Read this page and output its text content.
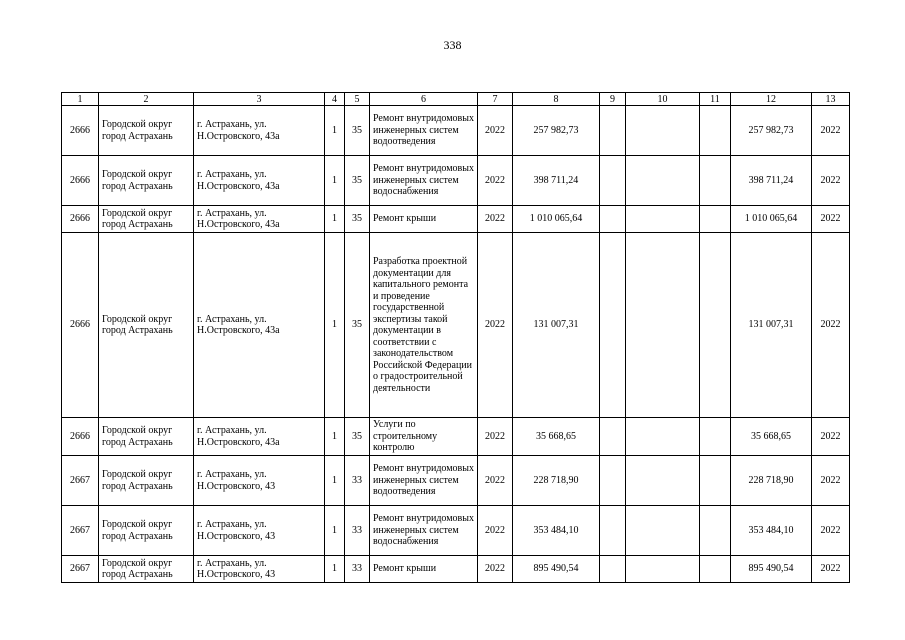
338
1	2	3	4	5	6	7	8	9	10	11	12	13
2666	Городской округ город Астрахань	г. Астрахань, ул. Н.Островского, 43а	1	35	Ремонт внутридомовых инженерных систем водоотведения	2022	257 982,73				257 982,73	2022
2666	Городской округ город Астрахань	г. Астрахань, ул. Н.Островского, 43а	1	35	Ремонт внутридомовых инженерных систем водоснабжения	2022	398 711,24				398 711,24	2022
2666	Городской округ город Астрахань	г. Астрахань, ул. Н.Островского, 43а	1	35	Ремонт крыши	2022	1 010 065,64				1 010 065,64	2022
2666	Городской округ город Астрахань	г. Астрахань, ул. Н.Островского, 43а	1	35	Разработка проектной документации для капитального ремонта и проведение государственной экспертизы такой документации в соответствии с законодательством Российской Федерации о градостроительной деятельности	2022	131 007,31				131 007,31	2022
2666	Городской округ город Астрахань	г. Астрахань, ул. Н.Островского, 43а	1	35	Услуги по строительному контролю	2022	35 668,65				35 668,65	2022
2667	Городской округ город Астрахань	г. Астрахань, ул. Н.Островского, 43	1	33	Ремонт внутридомовых инженерных систем водоотведения	2022	228 718,90				228 718,90	2022
2667	Городской округ город Астрахань	г. Астрахань, ул. Н.Островского, 43	1	33	Ремонт внутридомовых инженерных систем водоснабжения	2022	353 484,10				353 484,10	2022
2667	Городской округ город Астрахань	г. Астрахань, ул. Н.Островского, 43	1	33	Ремонт крыши	2022	895 490,54				895 490,54	2022
